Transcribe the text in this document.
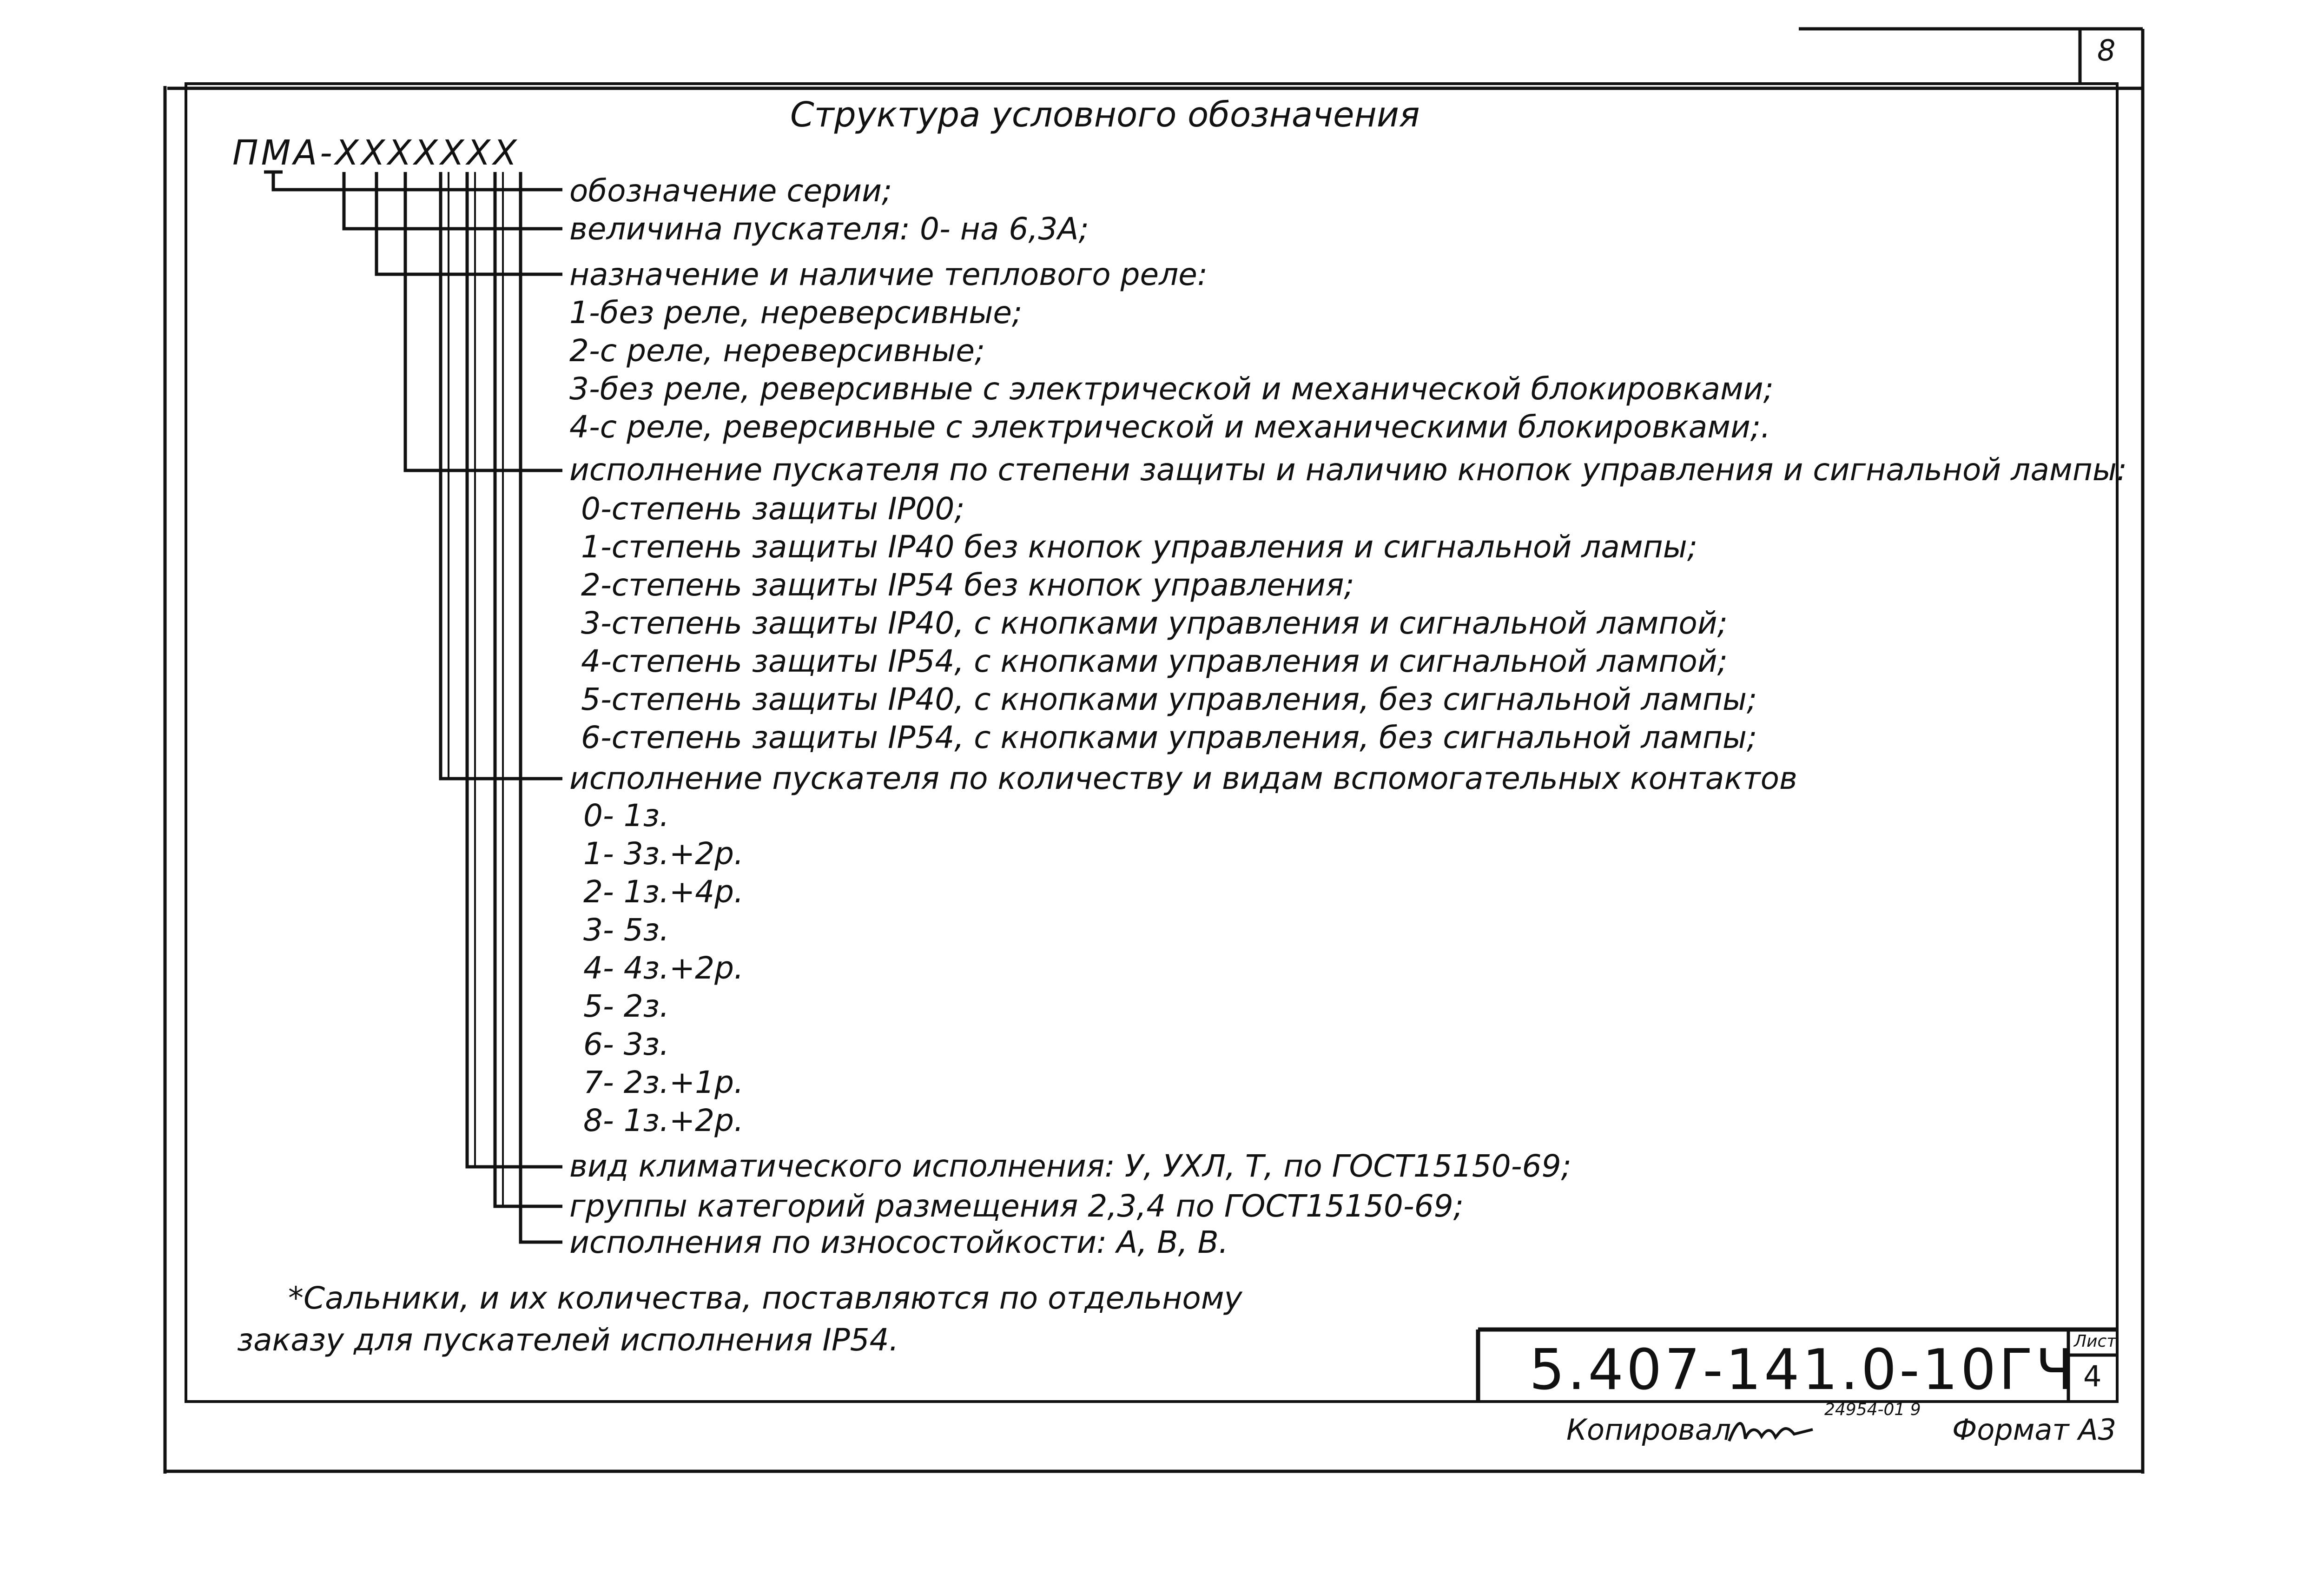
8
Структура условного обозначения
ПМА-XXXXXXX
обозначение серии;
величина пускателя: 0- на 6,3А;
назначение и наличие теплового реле:
1-без реле, нереверсивные;
2-с реле, нереверсивные;
3-без реле, реверсивные с электрической и механической блокировками;
4-с реле, реверсивные с электрической и механическими блокировками;.
исполнение пускателя по степени защиты и наличию кнопок управления и сигнальной лампы:
0-степень защиты IP00;
1-степень защиты IP40 без кнопок управления и сигнальной лампы;
2-степень защиты IP54 без кнопок управления;
3-степень защиты IP40, с кнопками управления и сигнальной лампой;
4-степень защиты IP54, с кнопками управления и сигнальной лампой;
5-степень защиты IP40, с кнопками управления, без сигнальной лампы;
6-степень защиты IP54, с кнопками управления, без сигнальной лампы;
исполнение пускателя по количеству и видам вспомогательных контактов
0- 1з.
1- 3з.+2р.
2- 1з.+4р.
3- 5з.
4- 4з.+2р.
5- 2з.
6- 3з.
7- 2з.+1р.
8- 1з.+2р.
вид климатического исполнения: У, УХЛ, Т, по ГОСТ15150-69;
группы категорий размещения 2,3,4 по ГОСТ15150-69;
исполнения по износостойкости: А, В, В.
*Сальники, и их количества, поставляются по отдельному
заказу для пускателей исполнения IP54.	5.407-141.0-10ГЧ
Лист
4
Копировал
24954-01 9
Формат А3
